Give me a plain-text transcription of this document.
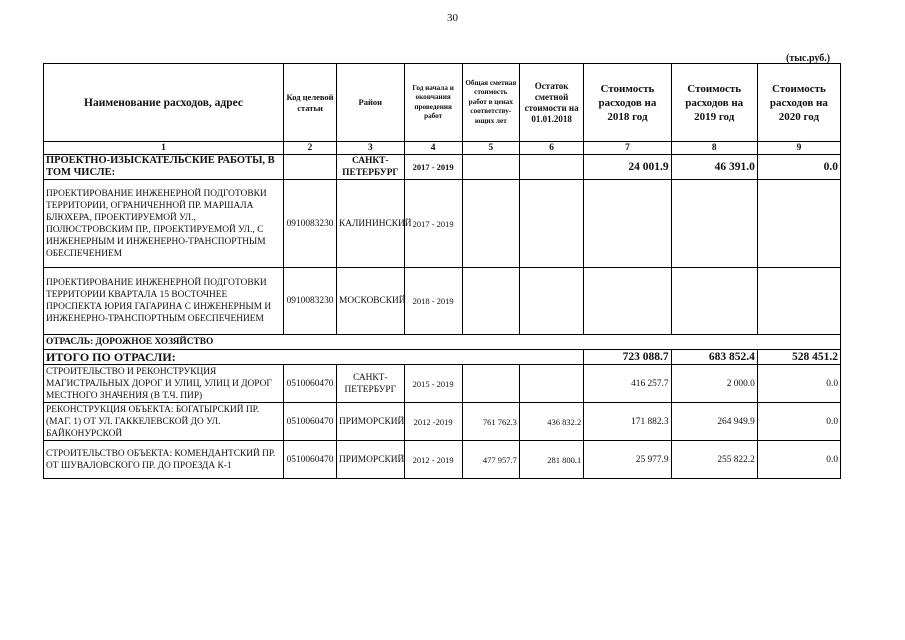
30
(тыс.руб.)
Наименование расходов, адрес	Код целевой статьи	Район	Год начала и окончания проведения работ	Общая сметная стоимость работ в ценах соответству-ющих лет	Остаток сметной стоимости на 01.01.2018	Стоимость расходов на 2018 год	Стоимость расходов на 2019 год	Стоимость расходов на 2020 год
1	2	3	4	5	6	7	8	9
ПРОЕКТНО-ИЗЫСКАТЕЛЬСКИЕ РАБОТЫ, В ТОМ ЧИСЛЕ:		САНКТ-ПЕТЕРБУРГ	2017 - 2019			24 001.9	46 391.0	0.0
ПРОЕКТИРОВАНИЕ ИНЖЕНЕРНОЙ ПОДГОТОВКИ ТЕРРИТОРИИ, ОГРАНИЧЕННОЙ ПР. МАРШАЛА БЛЮХЕРА, ПРОЕКТИРУЕМОЙ УЛ., ПОЛЮСТРОВСКИМ ПР., ПРОЕКТИРУЕМОЙ УЛ., С ИНЖЕНЕРНЫМ И ИНЖЕНЕРНО-ТРАНСПОРТНЫМ ОБЕСПЕЧЕНИЕМ	0910083230	КАЛИНИНСКИЙ	2017 - 2019					
ПРОЕКТИРОВАНИЕ ИНЖЕНЕРНОЙ ПОДГОТОВКИ ТЕРРИТОРИИ КВАРТАЛА 15 ВОСТОЧНЕЕ ПРОСПЕКТА ЮРИЯ ГАГАРИНА С ИНЖЕНЕРНЫМ И ИНЖЕНЕРНО-ТРАНСПОРТНЫМ ОБЕСПЕЧЕНИЕМ	0910083230	МОСКОВСКИЙ	2018 - 2019					
ОТРАСЛЬ: ДОРОЖНОЕ ХОЗЯЙСТВО								
ИТОГО ПО ОТРАСЛИ:						723 088.7	683 852.4	528 451.2
СТРОИТЕЛЬСТВО И РЕКОНСТРУКЦИЯ МАГИСТРАЛЬНЫХ ДОРОГ И УЛИЦ, УЛИЦ И ДОРОГ МЕСТНОГО ЗНАЧЕНИЯ (В Т.Ч. ПИР)	0510060470	САНКТ-ПЕТЕРБУРГ	2015 - 2019			416 257.7	2 000.0	0.0
РЕКОНСТРУКЦИЯ ОБЪЕКТА: БОГАТЫРСКИЙ ПР. (МАГ. 1) ОТ УЛ. ГАККЕЛЕВСКОЙ ДО УЛ. БАЙКОНУРСКОЙ	0510060470	ПРИМОРСКИЙ	2012 -2019	761 762.3	436 832.2	171 882.3	264 949.9	0.0
СТРОИТЕЛЬСТВО ОБЪЕКТА: КОМЕНДАНТСКИЙ ПР. ОТ ШУВАЛОВСКОГО ПР. ДО ПРОЕЗДА К-1	0510060470	ПРИМОРСКИЙ	2012 - 2019	477 957.7	281 800.1	25 977.9	255 822.2	0.0
